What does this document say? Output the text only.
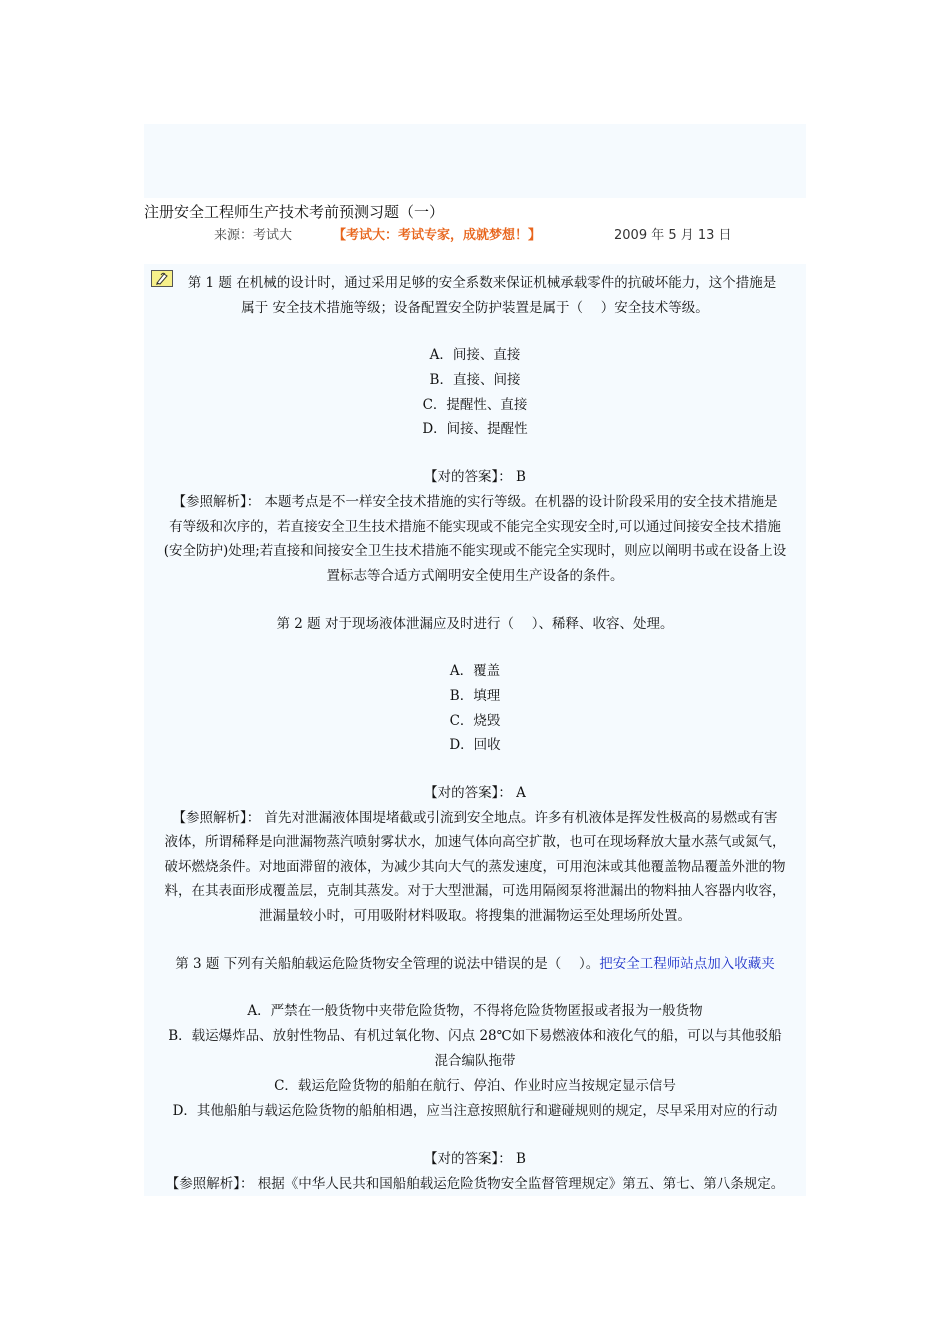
注册安全工程师生产技术考前预测习题（一）
来源：考试大	【考试大：考试专家，成就梦想！】	2009 年 5 月 13 日
第 1 题 在机械的设计时，通过采用足够的安全系数来保证机械承载零件的抗破坏能力，这个措施是
属于 安全技术措施等级；设备配置安全防护装置是属于（　 ）安全技术等级。
A．间接、直接
B．直接、间接
C．提醒性、直接
D．间接、提醒性
【对的答案】： B
【参照解析】： 本题考点是不一样安全技术措施的实行等级。在机器的设计阶段采用的安全技术措施是
有等级和次序的，若直接安全卫生技术措施不能实现或不能完全实现安全时,可以通过间接安全技术措施
(安全防护)处理;若直接和间接安全卫生技术措施不能实现或不能完全实现时，则应以阐明书或在设备上设
置标志等合适方式阐明安全使用生产设备的条件。
第 2 题 对于现场液体泄漏应及时进行（　 ）、稀释、收容、处理。
A．覆盖
B．填理
C．烧毁
D．回收
【对的答案】： A
【参照解析】： 首先对泄漏液体围堤堵截或引流到安全地点。许多有机液体是挥发性极高的易燃或有害
液体，所谓稀释是向泄漏物蒸汽喷射雾状水，加速气体向高空扩散，也可在现场释放大量水蒸气或氮气，
破坏燃烧条件。对地面滞留的液体，为减少其向大气的蒸发速度，可用泡沫或其他覆盖物品覆盖外泄的物
料，在其表面形成覆盖层，克制其蒸发。对于大型泄漏，可选用隔阂泵将泄漏出的物料抽人容器内收容，
泄漏量较小时，可用吸附材料吸取。将搜集的泄漏物运至处理场所处置。
第 3 题 下列有关船舶载运危险货物安全管理的说法中错误的是（　 ）。把安全工程师站点加入收藏夹
A．严禁在一般货物中夹带危险货物，不得将危险货物匿报或者报为一般货物
B．载运爆炸品、放射性物品、有机过氧化物、闪点 28℃如下易燃液体和液化气的船，可以与其他驳船
混合编队拖带
C．载运危险货物的船舶在航行、停泊、作业时应当按规定显示信号
D．其他船舶与载运危险货物的船舶相遇，应当注意按照航行和避碰规则的规定，尽早采用对应的行动
【对的答案】： B
【参照解析】： 根据《中华人民共和国船舶载运危险货物安全监督管理规定》第五、第七、第八条规定。
